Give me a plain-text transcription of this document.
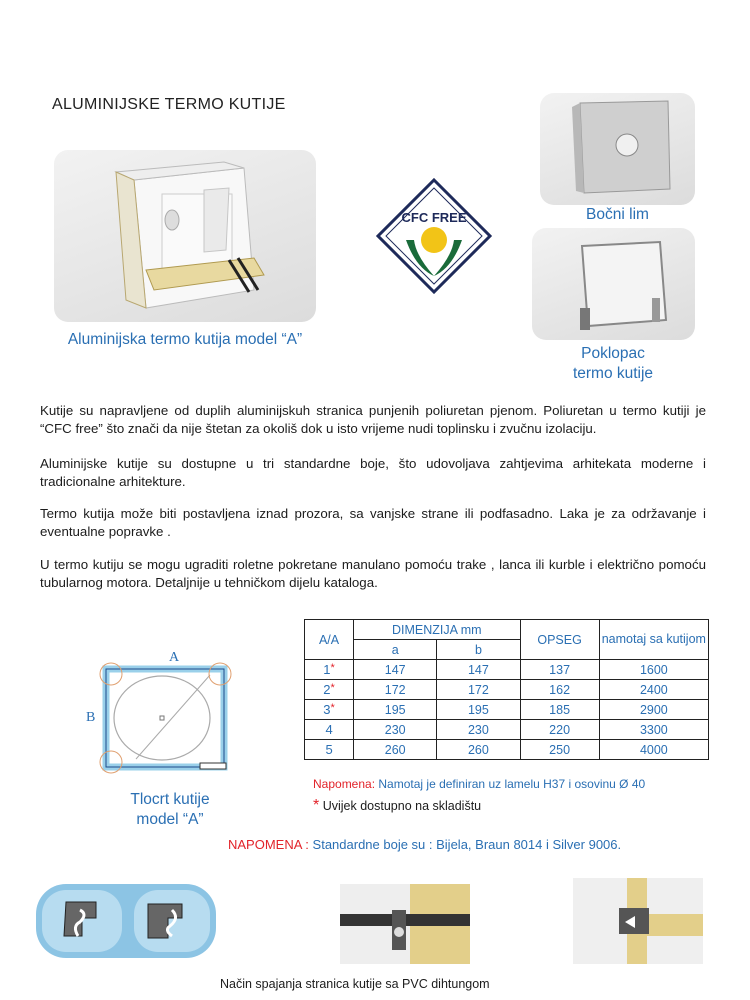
ALUMINIJSKE TERMO KUTIJE
Aluminijska termo kutija model “A”
CFC FREE	Bočni lim
Poklopac
termo kutije
Kutije su napravljene od duplih aluminijskuh stranica punjenih poliuretan pjenom. Poliuretan u termo kutiji je “CFC free” što znači da nije štetan za okoliš dok u isto vrijeme nudi toplinsku i zvučnu izolaciju.
Aluminijske kutije su dostupne u tri standardne boje, što udovoljava zahtjevima arhitekata moderne i tradicionalne arhitekture.
Termo kutija može biti postavljena iznad prozora, sa vanjske strane ili podfasadno. Laka je za održavanje i eventualne popravke .
U termo kutiju se mogu ugraditi roletne pokretane manulano pomoću trake , lanca ili kurble i električno pomoću tubularnog motora. Detaljnije u tehničkom dijelu kataloga.
A
B
Tlocrt kutije
model “A”
A/A	DIMENZIJA mm		OPSEG	namotaj sa kutijom
	a	b		
1*	147	147	137	1600
2*	172	172	162	2400
3*	195	195	185	2900
4	230	230	220	3300
5	260	260	250	4000
Napomena: Namotaj je definiran uz lamelu H37 i osovinu Ø 40
* Uvijek dostupno na skladištu
NAPOMENA : Standardne boje su : Bijela, Braun 8014 i Silver 9006.
Način spajanja stranica kutije sa PVC dihtungom
